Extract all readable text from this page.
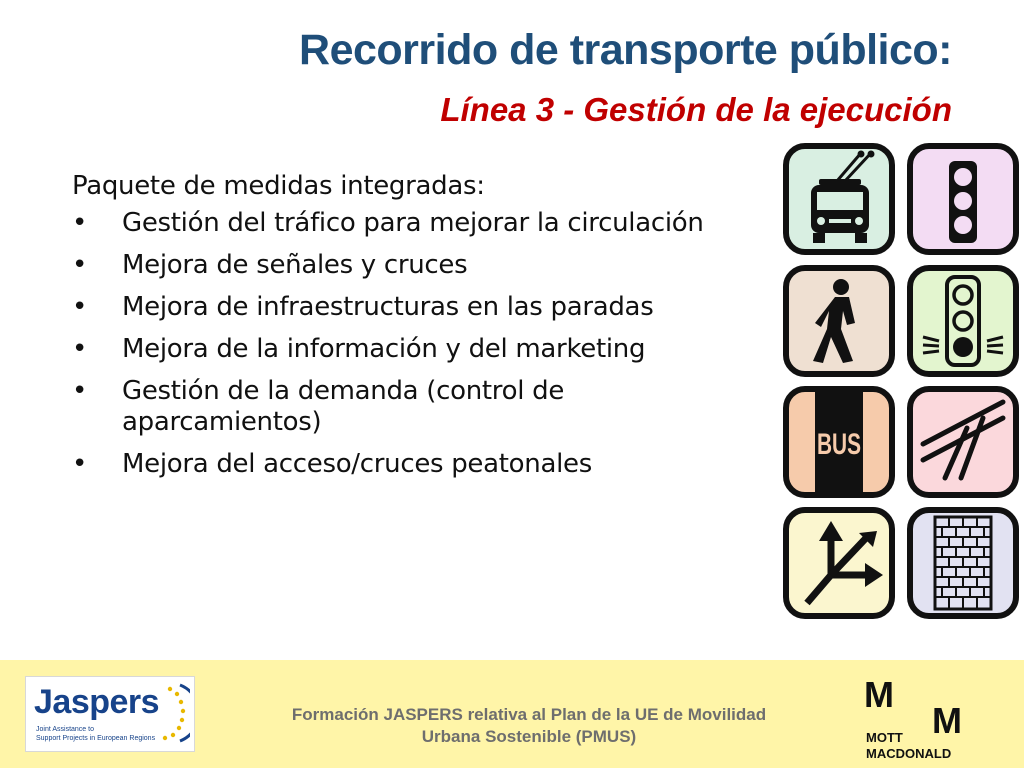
Recorrido de transporte público:
Línea 3 - Gestión de la ejecución

Paquete de medidas integradas:

• Gestión del tráfico para mejorar la circulación
• Mejora de señales y cruces
• Mejora de infraestructuras en las paradas
• Mejora de la información y del marketing
• Gestión de la demanda (control de aparcamientos)
• Mejora del acceso/cruces peatonales
BUS

Jaspers

Joint Assistance to
Support Projects in European Regions

Formación JASPERS relativa al Plan de la UE de Movilidad
Urbana Sostenible (PMUS)

M

M

MOTT
MACDONALD
